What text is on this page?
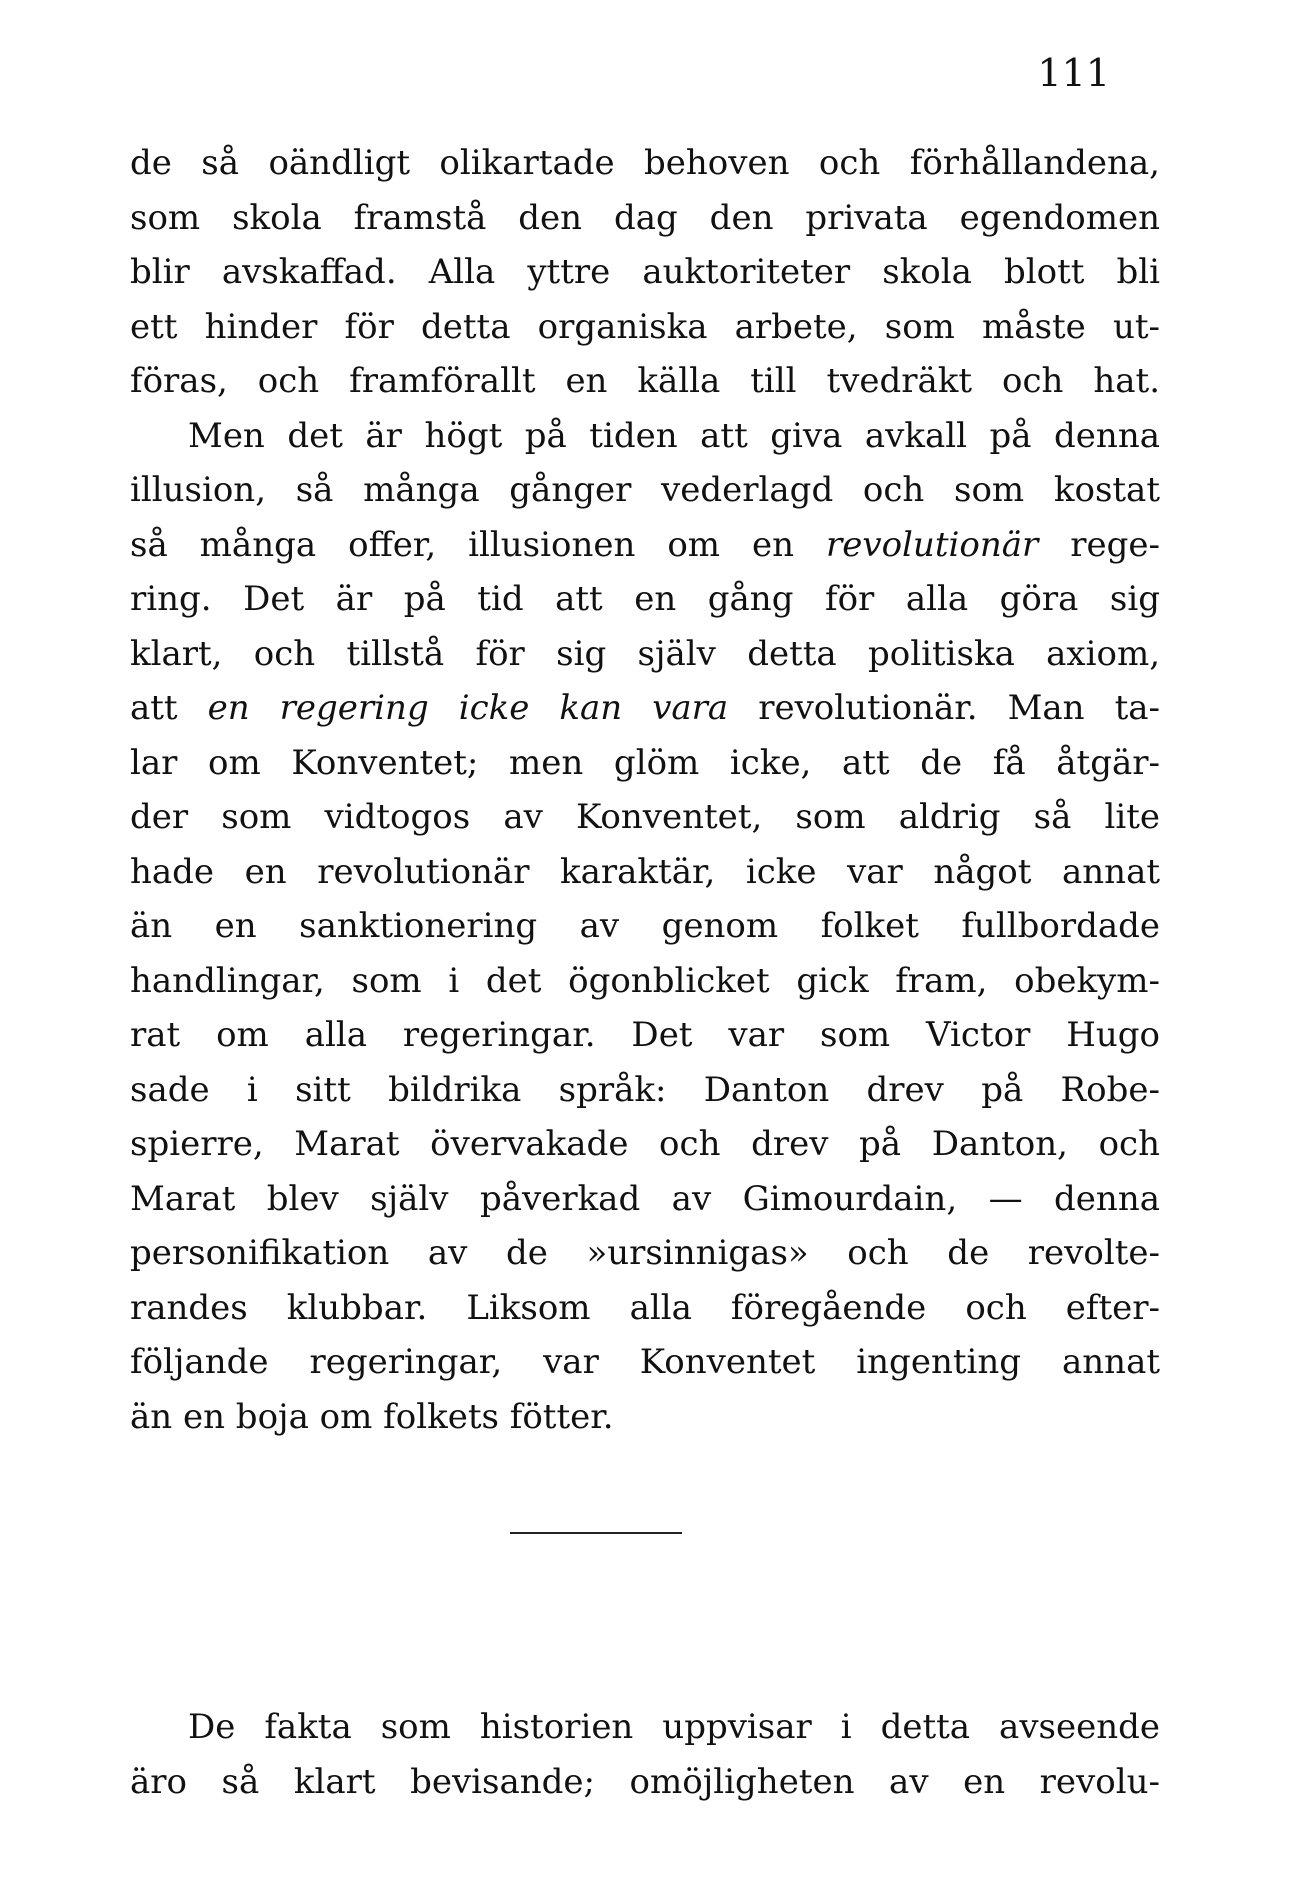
111
de så oändligt olikartade behoven och förhållandena,
som skola framstå den dag den privata egendomen
blir avskaffad. Alla yttre auktoriteter skola blott bli
ett hinder för detta organiska arbete, som måste ut-
föras, och framförallt en källa till tvedräkt och hat.
Men det är högt på tiden att giva avkall på denna
illusion, så många gånger vederlagd och som kostat
så många offer, illusionen om en revolutionär rege-
ring. Det är på tid att en gång för alla göra sig
klart, och tillstå för sig själv detta politiska axiom,
att en regering icke kan vara revolutionär. Man ta-
lar om Konventet; men glöm icke, att de få åtgär-
der som vidtogos av Konventet, som aldrig så lite
hade en revolutionär karaktär, icke var något annat
än en sanktionering av genom folket fullbordade
handlingar, som i det ögonblicket gick fram, obekym-
rat om alla regeringar. Det var som Victor Hugo
sade i sitt bildrika språk: Danton drev på Robe-
spierre, Marat övervakade och drev på Danton, och
Marat blev själv påverkad av Gimourdain, — denna
personifikation av de »ursinnigas» och de revolte-
randes klubbar. Liksom alla föregående och efter-
följande regeringar, var Konventet ingenting annat
än en boja om folkets fötter.
De fakta som historien uppvisar i detta avseende
äro så klart bevisande; omöjligheten av en revolu-
